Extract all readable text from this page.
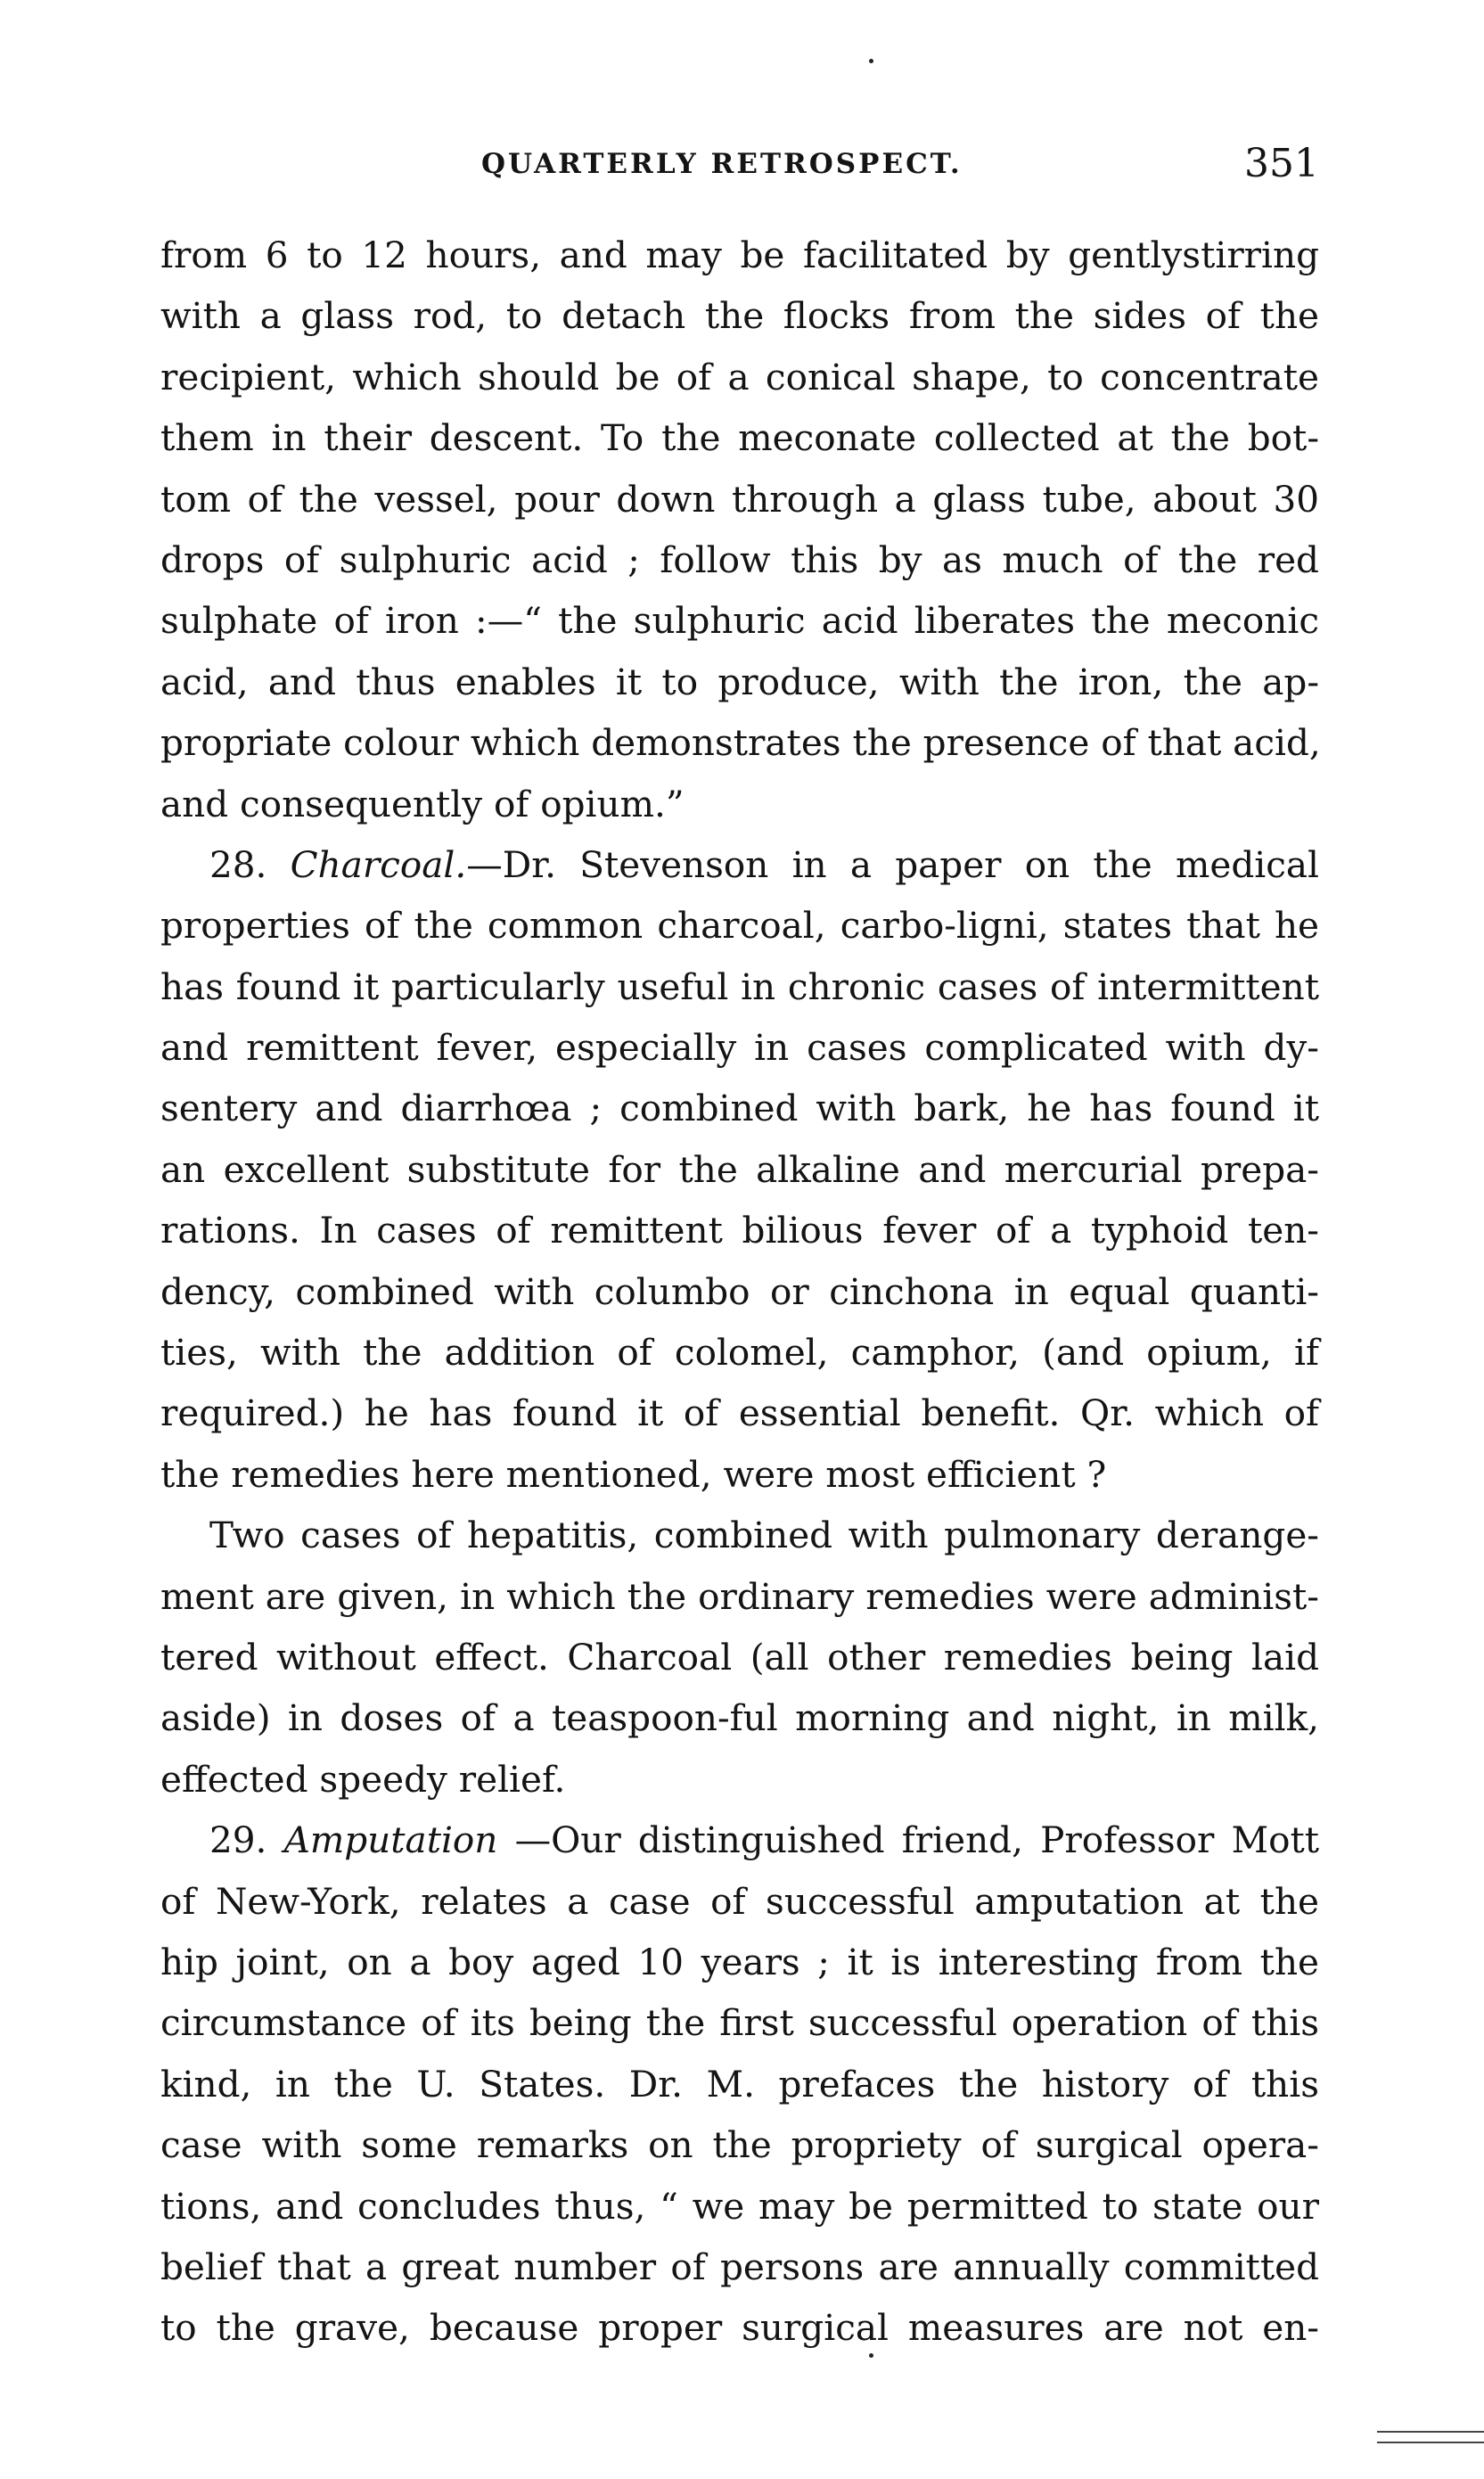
QUARTERLY RETROSPECT.	351
from 6 to 12 hours, and may be facilitated by gentlystirring
with a glass rod, to detach the flocks from the sides of the
recipient, which should be of a conical shape, to concentrate
them in their descent. To the meconate collected at the bot-
tom of the vessel, pour down through a glass tube, about 30
drops of sulphuric acid ; follow this by as much of the red
sulphate of iron :—“ the sulphuric acid liberates the meconic
acid, and thus enables it to produce, with the iron, the ap-
propriate colour which demonstrates the presence of that acid,
and consequently of opium.”
28. Charcoal.—Dr. Stevenson in a paper on the medical
properties of the common charcoal, carbo-ligni, states that he
has found it particularly useful in chronic cases of intermittent
and remittent fever, especially in cases complicated with dy-
sentery and diarrhœa ; combined with bark, he has found it
an excellent substitute for the alkaline and mercurial prepa-
rations. In cases of remittent bilious fever of a typhoid ten-
dency, combined with columbo or cinchona in equal quanti-
ties, with the addition of colomel, camphor, (and opium, if
required.) he has found it of essential benefit. Qr. which of
the remedies here mentioned, were most efficient ?
Two cases of hepatitis, combined with pulmonary derange-
ment are given, in which the ordinary remedies were administ-
tered without effect. Charcoal (all other remedies being laid
aside) in doses of a teaspoon-ful morning and night, in milk,
effected speedy relief.
29. Amputation —Our distinguished friend, Professor Mott
of New-York, relates a case of successful amputation at the
hip joint, on a boy aged 10 years ; it is interesting from the
circumstance of its being the first successful operation of this
kind, in the U. States. Dr. M. prefaces the history of this
case with some remarks on the propriety of surgical opera-
tions, and concludes thus, “ we may be permitted to state our
belief that a great number of persons are annually committed
to the grave, because proper surgical measures are not en-
